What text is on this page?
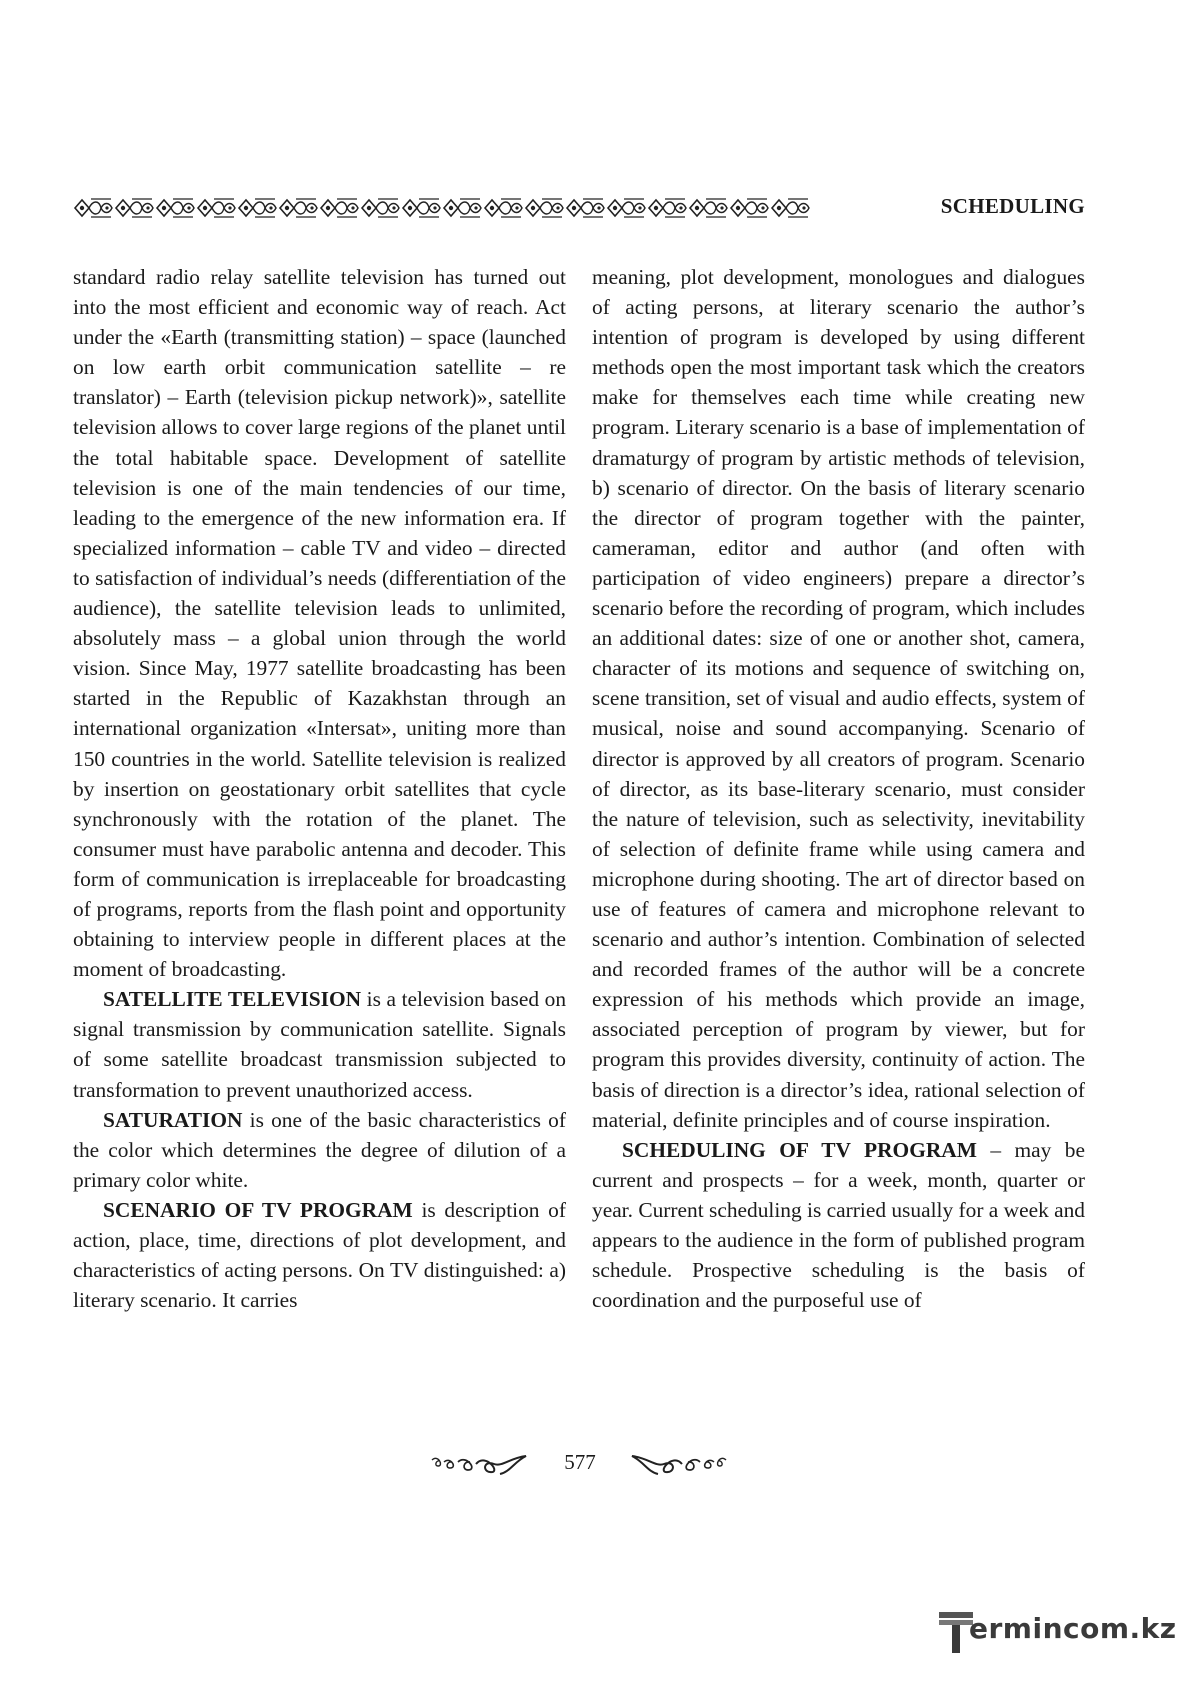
SCHEDULING

standard radio relay satellite television has turned out into the most efficient and economic way of reach. Act under the «Earth (transmitting station) – space (launched on low earth orbit communication satellite – re translator) – Earth (television pickup network)», satellite television allows to cover large regions of the planet until the total habitable space. Development of satellite television is one of the main tendencies of our time, leading to the emergence of the new information era. If specialized information – cable TV and video – directed to satisfaction of individual’s needs (differentiation of the audience), the satellite television leads to unlimited, absolutely mass – a global union through the world vision. Since May, 1977 satellite broadcasting has been started in the Republic of Kazakhstan through an international organization «Intersat», uniting more than 150 countries in the world. Satellite television is realized by insertion on geostationary orbit satellites that cycle synchronously with the rotation of the planet. The consumer must have parabolic antenna and decoder. This form of communication is irreplaceable for broadcasting of programs, reports from the flash point and opportunity obtaining to interview people in different places at the moment of broadcasting.

SATELLITE TELEVISION is a television based on signal transmission by communication satellite. Signals of some satellite broadcast transmission subjected to transformation to prevent unauthorized access.

SATURATION is one of the basic characteristics of the color which determines the degree of dilution of a primary color white.

SCENARIO OF TV PROGRAM is description of action, place, time, directions of plot development, and characteristics of acting persons. On TV distinguished: a) literary scenario. It carries

meaning, plot development, monologues and dialogues of acting persons, at literary scenario the author’s intention of program is developed by using different methods open the most important task which the creators make for themselves each time while creating new program. Literary scenario is a base of implementation of dramaturgy of program by artistic methods of television, b) scenario of director. On the basis of literary scenario the director of program together with the painter, cameraman, editor and author (and often with participation of video engineers) prepare a director’s scenario before the recording of program, which includes an additional dates: size of one or another shot, camera, character of its motions and sequence of switching on, scene transition, set of visual and audio effects, system of musical, noise and sound accompanying. Scenario of director is approved by all creators of program. Scenario of director, as its base-literary scenario, must consider the nature of television, such as selectivity, inevitability of selection of definite frame while using camera and microphone during shooting. The art of director based on use of features of camera and microphone relevant to scenario and author’s intention. Combination of selected and recorded frames of the author will be a concrete expression of his methods which provide an image, associated perception of program by viewer, but for program this provides diversity, continuity of action. The basis of direction is a director’s idea, rational selection of material, definite principles and of course inspiration.

SCHEDULING OF TV PROGRAM – may be current and prospects – for a week, month, quarter or year. Current scheduling is carried usually for a week and appears to the audience in the form of published program schedule. Prospective scheduling is the basis of coordination and the purposeful use of

577
ermincom.kz
